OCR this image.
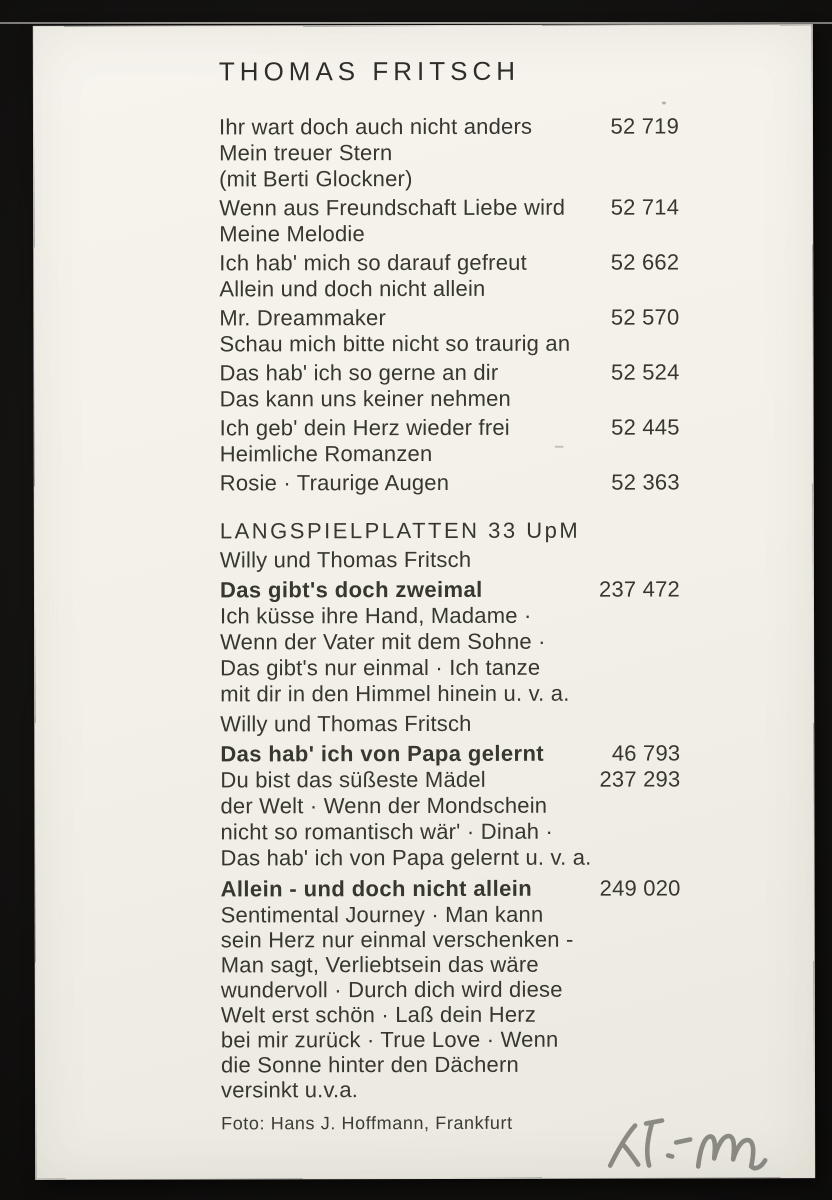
THOMAS FRITSCH
Ihr wart doch auch nicht anders	52 719
Mein treuer Stern
(mit Berti Glockner)
Wenn aus Freundschaft Liebe wird	52 714
Meine Melodie
Ich hab' mich so darauf gefreut	52 662
Allein und doch nicht allein
Mr. Dreammaker	52 570
Schau mich bitte nicht so traurig an
Das hab' ich so gerne an dir	52 524
Das kann uns keiner nehmen
Ich geb' dein Herz wieder frei	52 445
Heimliche Romanzen
Rosie · Traurige Augen	52 363
LANGSPIELPLATTEN 33 UpM
Willy und Thomas Fritsch
Das gibt's doch zweimal	237 472
Ich küsse ihre Hand, Madame ·
Wenn der Vater mit dem Sohne ·
Das gibt's nur einmal · Ich tanze
mit dir in den Himmel hinein u. v. a.
Willy und Thomas Fritsch
Das hab' ich von Papa gelernt	46 793
Du bist das süßeste Mädel	237 293
der Welt · Wenn der Mondschein
nicht so romantisch wär' · Dinah ·
Das hab' ich von Papa gelernt u. v. a.
Allein - und doch nicht allein	249 020
Sentimental Journey · Man kann
sein Herz nur einmal verschenken -
Man sagt, Verliebtsein das wäre
wundervoll · Durch dich wird diese
Welt erst schön · Laß dein Herz
bei mir zurück · True Love · Wenn
die Sonne hinter den Dächern
versinkt u.v.a.
Foto: Hans J. Hoffmann, Frankfurt
